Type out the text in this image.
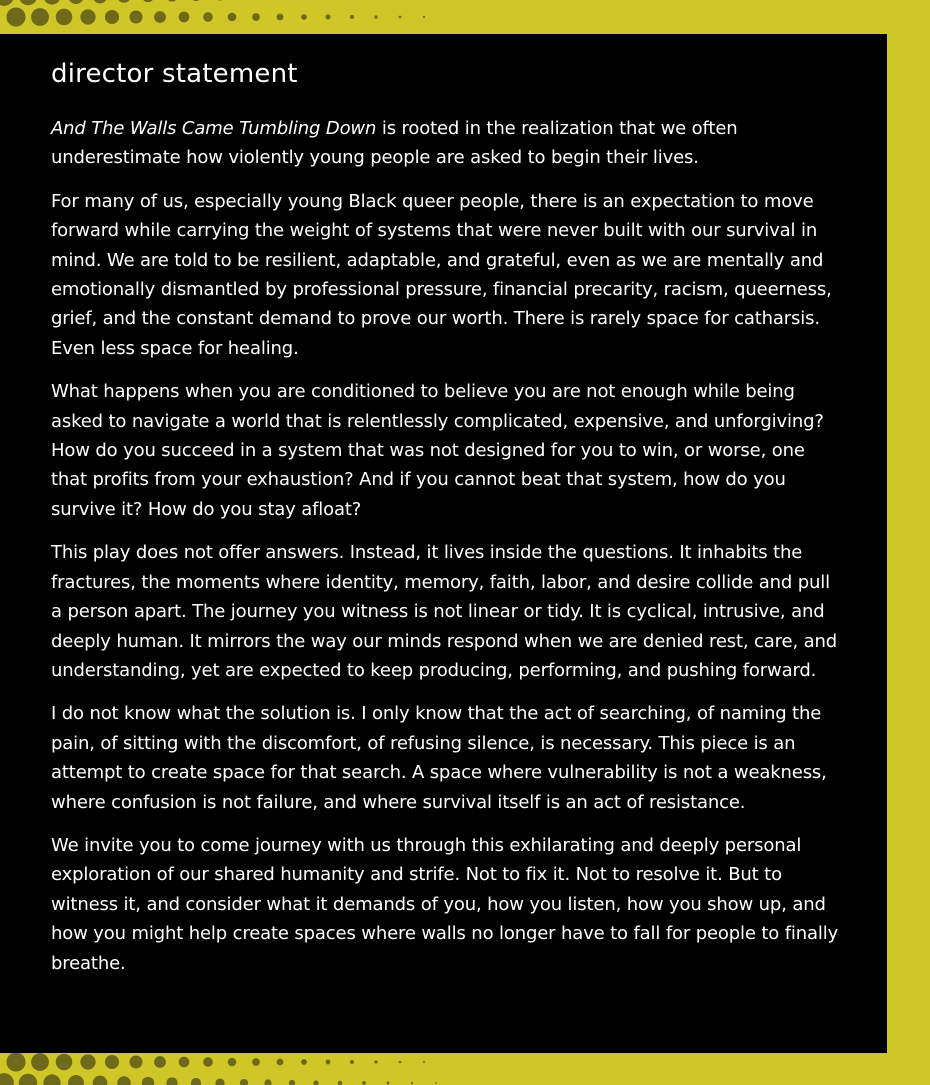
director statement

And The Walls Came Tumbling Down is rooted in the realization that we often underestimate how violently young people are asked to begin their lives.

For many of us, especially young Black queer people, there is an expectation to move forward while carrying the weight of systems that were never built with our survival in mind. We are told to be resilient, adaptable, and grateful, even as we are mentally and emotionally dismantled by professional pressure, financial precarity, racism, queerness, grief, and the constant demand to prove our worth. There is rarely space for catharsis. Even less space for healing.

What happens when you are conditioned to believe you are not enough while being asked to navigate a world that is relentlessly complicated, expensive, and unforgiving? How do you succeed in a system that was not designed for you to win, or worse, one that profits from your exhaustion? And if you cannot beat that system, how do you survive it? How do you stay afloat?

This play does not offer answers. Instead, it lives inside the questions. It inhabits the fractures, the moments where identity, memory, faith, labor, and desire collide and pull a person apart. The journey you witness is not linear or tidy. It is cyclical, intrusive, and deeply human. It mirrors the way our minds respond when we are denied rest, care, and understanding, yet are expected to keep producing, performing, and pushing forward.

I do not know what the solution is. I only know that the act of searching, of naming the pain, of sitting with the discomfort, of refusing silence, is necessary. This piece is an attempt to create space for that search. A space where vulnerability is not a weakness, where confusion is not failure, and where survival itself is an act of resistance.

We invite you to come journey with us through this exhilarating and deeply personal exploration of our shared humanity and strife. Not to fix it. Not to resolve it. But to witness it, and consider what it demands of you, how you listen, how you show up, and how you might help create spaces where walls no longer have to fall for people to finally breathe.
